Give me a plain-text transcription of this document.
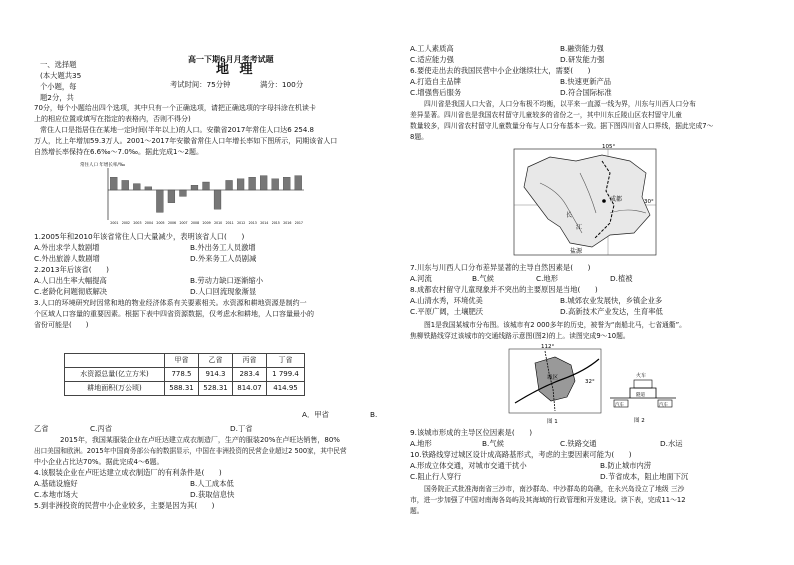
高一下期6月月考考试题
地 理
一、选择题
(本大题共35
个小题，每
题2分，共
考试时间：75分钟	满分：100分
70分，每个小题给出四个选项，其中只有一个正确选项，请把正确选项的字母抖涂在机读卡
上的相应位置或填写在指定的表格内，否则不得分)
常住人口是指居住在某地一定时间(半年以上)的人口。安徽省2017年常住人口达6 254.8
万人，比上年增加59.3万人。2001～2017年安徽省常住人口年增长率如下图所示，同期该省人口
自然增长率保持在6.6‰～7.0‰。据此完成1～2题。
常住人口 年增长率/‰
2001 2002 2003 2004 2005 2006 2007 2008 2009 2010 2011 2012 2013 2014 2015 2016 2017
1.2005年和2010年该省常住人口大量减少，表明该省人口(　　)
A.外出求学人数剧增	B.外出务工人员激增
C.外出旅游人数剧增	D.外来务工人员剧减
2.2013年后该省(　　)
A.人口出生率大幅提高	B.劳动力缺口逐渐缩小
C.老龄化问题彻底解决	D.人口回流现象渐显
3.人口的环境研究时因常和地的物业经济体系有关要素相关。水资源和耕地资源是制约一
个区域人口容量的重要因素。根据下表中四省资源数据，仅考虑水和耕地，人口容量最小的
省份可能是(　　)
	甲省	乙省	丙省	丁省
水资源总量(亿立方米)	778.5	914.3	283.4	1 799.4
耕地面积(万公顷)	588.31	528.31	814.07	414.95
A．甲省	B.
乙省	C.丙省	D.丁省
2015年，我国某服装企业在卢旺达建立成衣制造厂，生产的服装20%在卢旺达销售，80%
出口美国和欧洲。2015年中国商务部公布的数据显示，中国在非洲投资的民营企业超过2 500家，其中民营
中小企业占比达70%。据此完成4～6题。
4.该服装企业在卢旺达建立成衣制造厂的有利条件是(　　)
A.基础设施好	B.人工成本低
C.本地市场大	D.获取信息快
5.到非洲投资的民营中小企业较多，主要是因为其(　　)
A.工人素质高	B.融资能力强
C.适应能力强	D.研发能力强
6.要使走出去的我国民营中小企业继续壮大，需要(　　)
A.打造自主品牌	B.快速更新产品
C.增强售后服务	D.符合国际标准
四川省是我国人口大省，人口分布极不均衡，以平来一直源一线为界，川东与川西人口分布
差异显著。四川省也是我国农村留守儿童较多的省份之一，其中川东丘陵山区农村留守儿童
数量较多，四川省农村留守儿童数量分布与人口分布基本一致。据下图四川省人口界线，据此完成7～
8题。
105°
30°
成都
长
江
盐源
7.川东与川西人口分布差异显著的主导自然因素是(　　)
A.河流	B.气候	C.地形	D.植被
8.成都农村留守儿童现象并不突出的主要原因是当地(　　)
A.山清水秀，环境优美	B.城郊农业发展快，乡镇企业多
C.平原广阔，土壤肥沃	D.高新技术产业发达，生育率低
图1是我国某城市分布图。该城市有2 000多年的历史，被誉为“南船北马，七省通衢”。
焦柳铁路线穿过该城市的交通线路示意图(图2)的上。读图完成9～10题。
112°
32°
城区
图 1
火车
汽车	汽车
隧道
图 2
9.该城市形成的主导区位因素是(　　)
A.地形	B.气候	C.铁路交通	D.水运
10.铁路线穿过城区设计成高路基形式，考虑的主要因素可能为(　　)
A.形成立体交通，对城市交通干扰小	B.防止城市内涝
C.阻止行人穿行	D.节省成本，阻止地面下沉
国务院正式批准海南省三沙市，南沙群岛、中沙群岛的岛礁，在永兴岛设立了地级 三沙
市，进一步加强了中国对南海各岛屿及其海域的行政管理和开发建设。读下表，完成11～12
题。
